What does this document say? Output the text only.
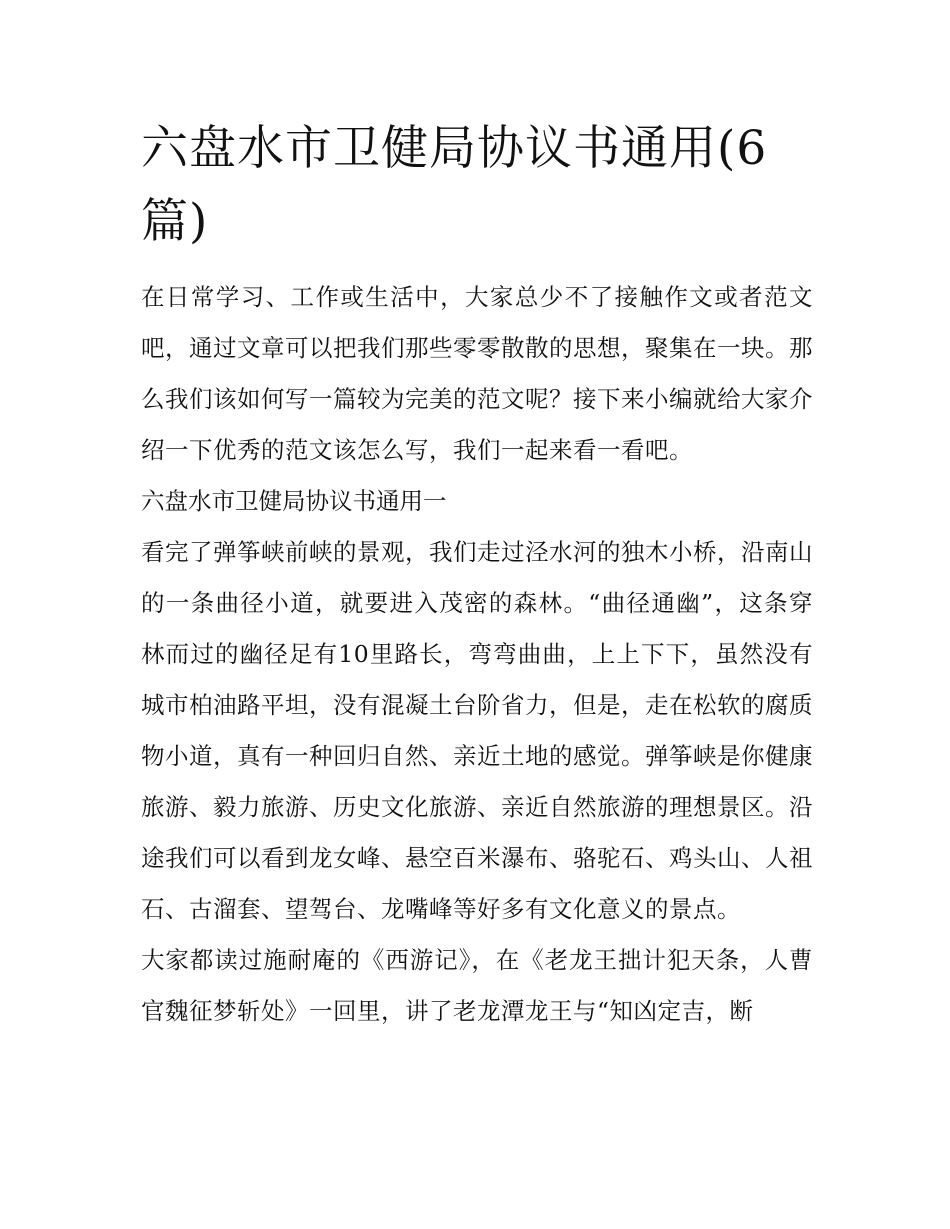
六盘水市卫健局协议书通用(6篇)

在日常学习、工作或生活中，大家总少不了接触作文或者范文吧，通过文章可以把我们那些零零散散的思想，聚集在一块。那么我们该如何写一篇较为完美的范文呢？接下来小编就给大家介绍一下优秀的范文该怎么写，我们一起来看一看吧。

六盘水市卫健局协议书通用一

看完了弹筝峡前峡的景观，我们走过泾水河的独木小桥，沿南山的一条曲径小道，就要进入茂密的森林。“曲径通幽”，这条穿林而过的幽径足有10里路长，弯弯曲曲，上上下下，虽然没有城市柏油路平坦，没有混凝土台阶省力，但是，走在松软的腐质物小道，真有一种回归自然、亲近土地的感觉。弹筝峡是你健康旅游、毅力旅游、历史文化旅游、亲近自然旅游的理想景区。沿途我们可以看到龙女峰、悬空百米瀑布、骆驼石、鸡头山、人祖石、古溜套、望驾台、龙嘴峰等好多有文化意义的景点。

大家都读过施耐庵的《西游记》，在《老龙王拙计犯天条，人曹官魏征梦斩处》一回里，讲了老龙潭龙王与“知凶定吉，断
